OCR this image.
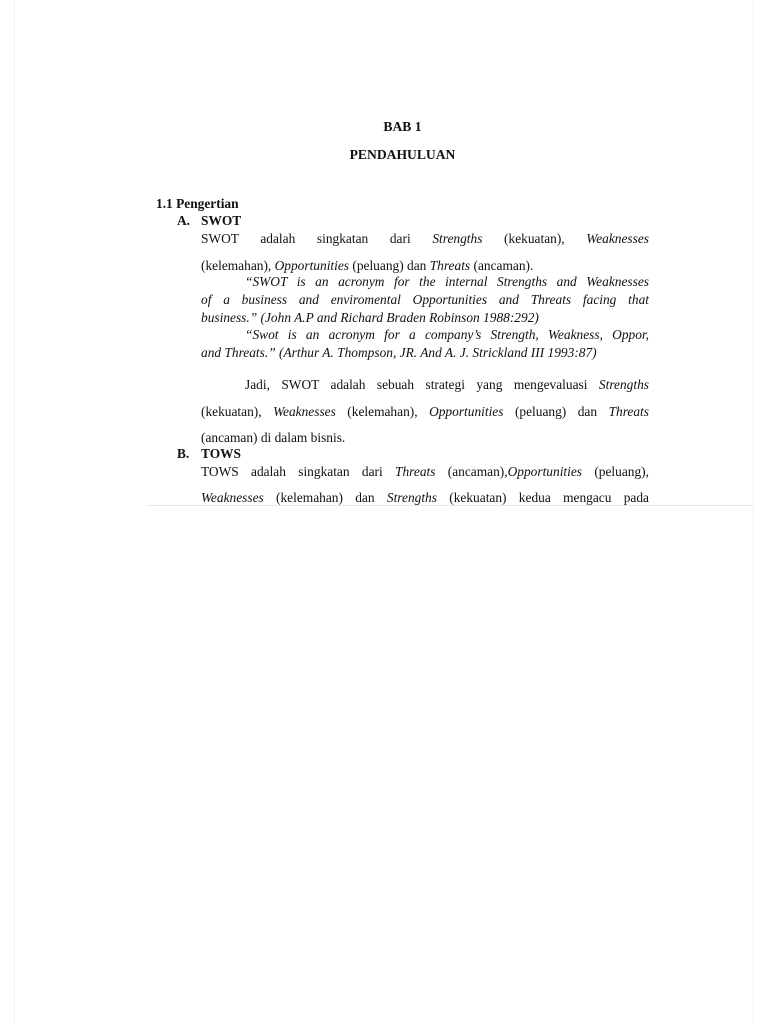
BAB 1
PENDAHULUAN
1.1 Pengertian
A. SWOT
SWOT adalah singkatan dari Strengths (kekuatan), Weaknesses
(kelemahan), Opportunities (peluang) dan Threats (ancaman).
“SWOT is an acronym for the internal Strengths and Weaknesses
of a business and enviromental Opportunities and Threats facing that
business.” (John A.P and Richard Braden Robinson 1988:292)
“Swot is an acronym for a company’s Strength, Weakness, Oppor,
and Threats.” (Arthur A. Thompson, JR. And A. J. Strickland III 1993:87)
Jadi, SWOT adalah sebuah strategi yang mengevaluasi Strengths
(kekuatan), Weaknesses (kelemahan), Opportunities (peluang) dan Threats
(ancaman) di dalam bisnis.
B. TOWS
TOWS adalah singkatan dari Threats (ancaman),Opportunities (peluang),
Weaknesses (kelemahan) dan Strengths (kekuatan) kedua mengacu pada
